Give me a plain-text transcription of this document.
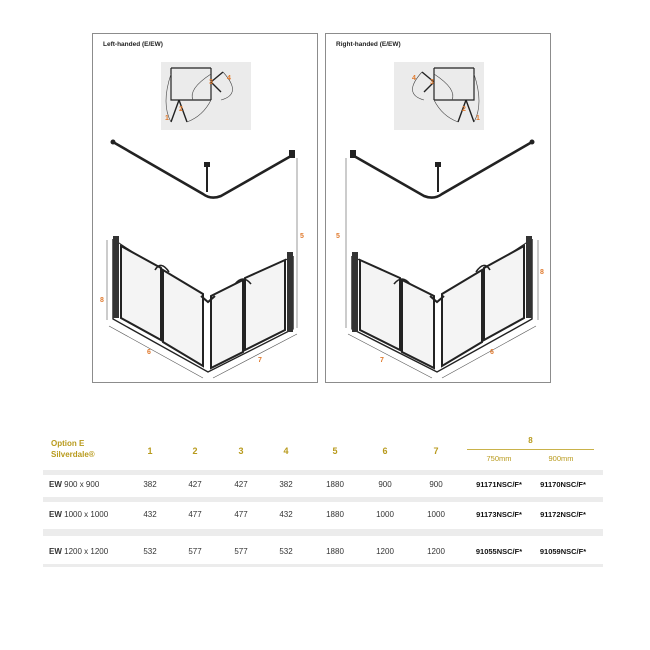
Left-handed (E/EW)
1
2
3
4
5
8
6
7
Right-handed (E/EW)
1
2
3
4
5
8
6
7
Option E
Silverdale®	1	2	3	4	5	6	7
8
750mm	900mm
EW 900 x 900	382	427	427	382	1880	900	900	91171NSC/F*	91170NSC/F*
EW 1000 x 1000	432	477	477	432	1880	1000	1000	91173NSC/F*	91172NSC/F*
EW 1200 x 1200	532	577	577	532	1880	1200	1200	91055NSC/F*	91059NSC/F*
